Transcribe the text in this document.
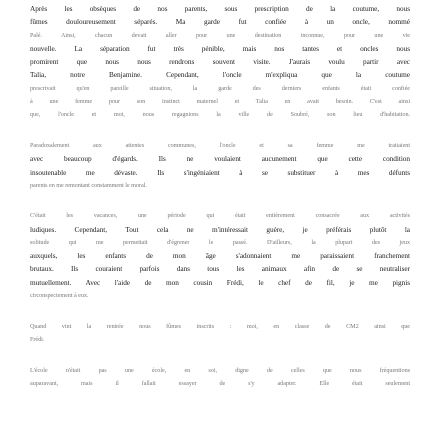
Après les obsèques de nos parents, sous prescription de la coutume, nous
fûmes douloureusement séparés. Ma garde fut confiée à un oncle, nommé
Palé. Ainsi, chacun devait aller pour une destination inconnue, pour une vie
nouvelle. La séparation fut très pénible, mais nos tantes et oncles nous
promirent que nous nous rendrons souvent visite. J'aurais voulu partir avec
Talia, notre Benjamine. Cependant, l'oncle m'expliqua que la coutume
prescrivait qu'en pareille situation, la garde des derniers enfants était confiée
à une femme pour son instinct maternel et Talia en avait besoin. C'est ainsi
que, l'oncle et moi, nous regagnions la ville de Soubré, son lieu d'habitation.
Paradoxalement aux attentes communes, l'oncle et sa femme me traitaient
avec beaucoup d'égards. Ils ne voulaient aucunement que cette condition
insoutenable me dévaste. Ils s'ingéniaient à se substituer à mes défunts
parents en me remontant constamment le moral.
C'était les vacances, une période qui était entièrement consacrée aux activités
ludiques. Cependant, Tout cela ne m'intéressait guère, je préférais plutôt la
solitude qui me permettait d'égrener le passé. D'ailleurs, la plupart des jeux
auxquels, les enfants de mon âge s'adonnaient me paraissaient franchement
brutaux. Ils couraient parfois dans tous les animaux afin de se neutraliser
mutuellement. Avec l'aide de mon cousin Frédi, le chef de fil, je me pignis
circonspectement à eux.
Quand vint la rentrée nous fûmes inscrits : moi, en classe de CM2 ainsi que
Frédi.
L'école n'était pas une école, en soi, digne de celles que nous fréquentions
auparavant, mais il fallait essayer de s'y adapter. Elle était seulement
